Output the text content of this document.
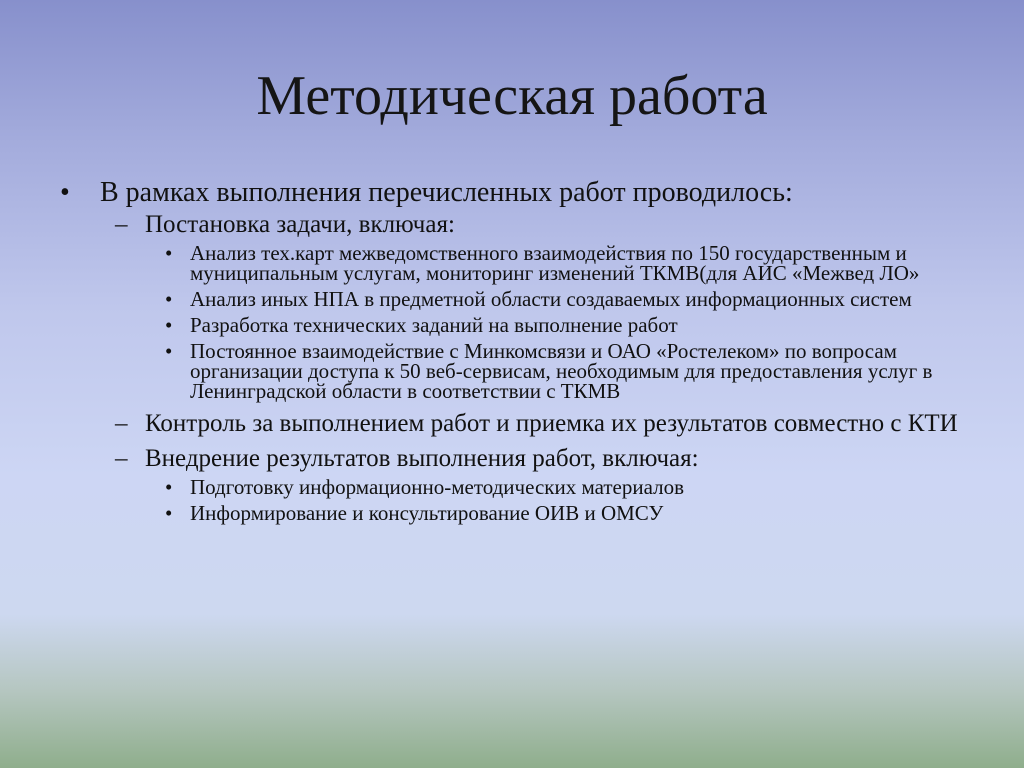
Методическая работа
• В рамках выполнения перечисленных работ проводилось:
– Постановка задачи, включая:
• Анализ тех.карт межведомственного взаимодействия по 150 государственным и муниципальным услугам, мониторинг изменений ТКМВ(для АИС «Межвед ЛО»
• Анализ иных НПА в предметной области создаваемых информационных систем
• Разработка технических заданий на выполнение работ
• Постоянное взаимодействие с Минкомсвязи и ОАО «Ростелеком» по вопросам организации доступа к 50 веб-сервисам, необходимым для предоставления услуг в Ленинградской области в соответствии с ТКМВ
– Контроль за выполнением работ и приемка их результатов совместно с КТИ
– Внедрение результатов выполнения работ, включая:
• Подготовку информационно-методических материалов
• Информирование и консультирование ОИВ и ОМСУ
